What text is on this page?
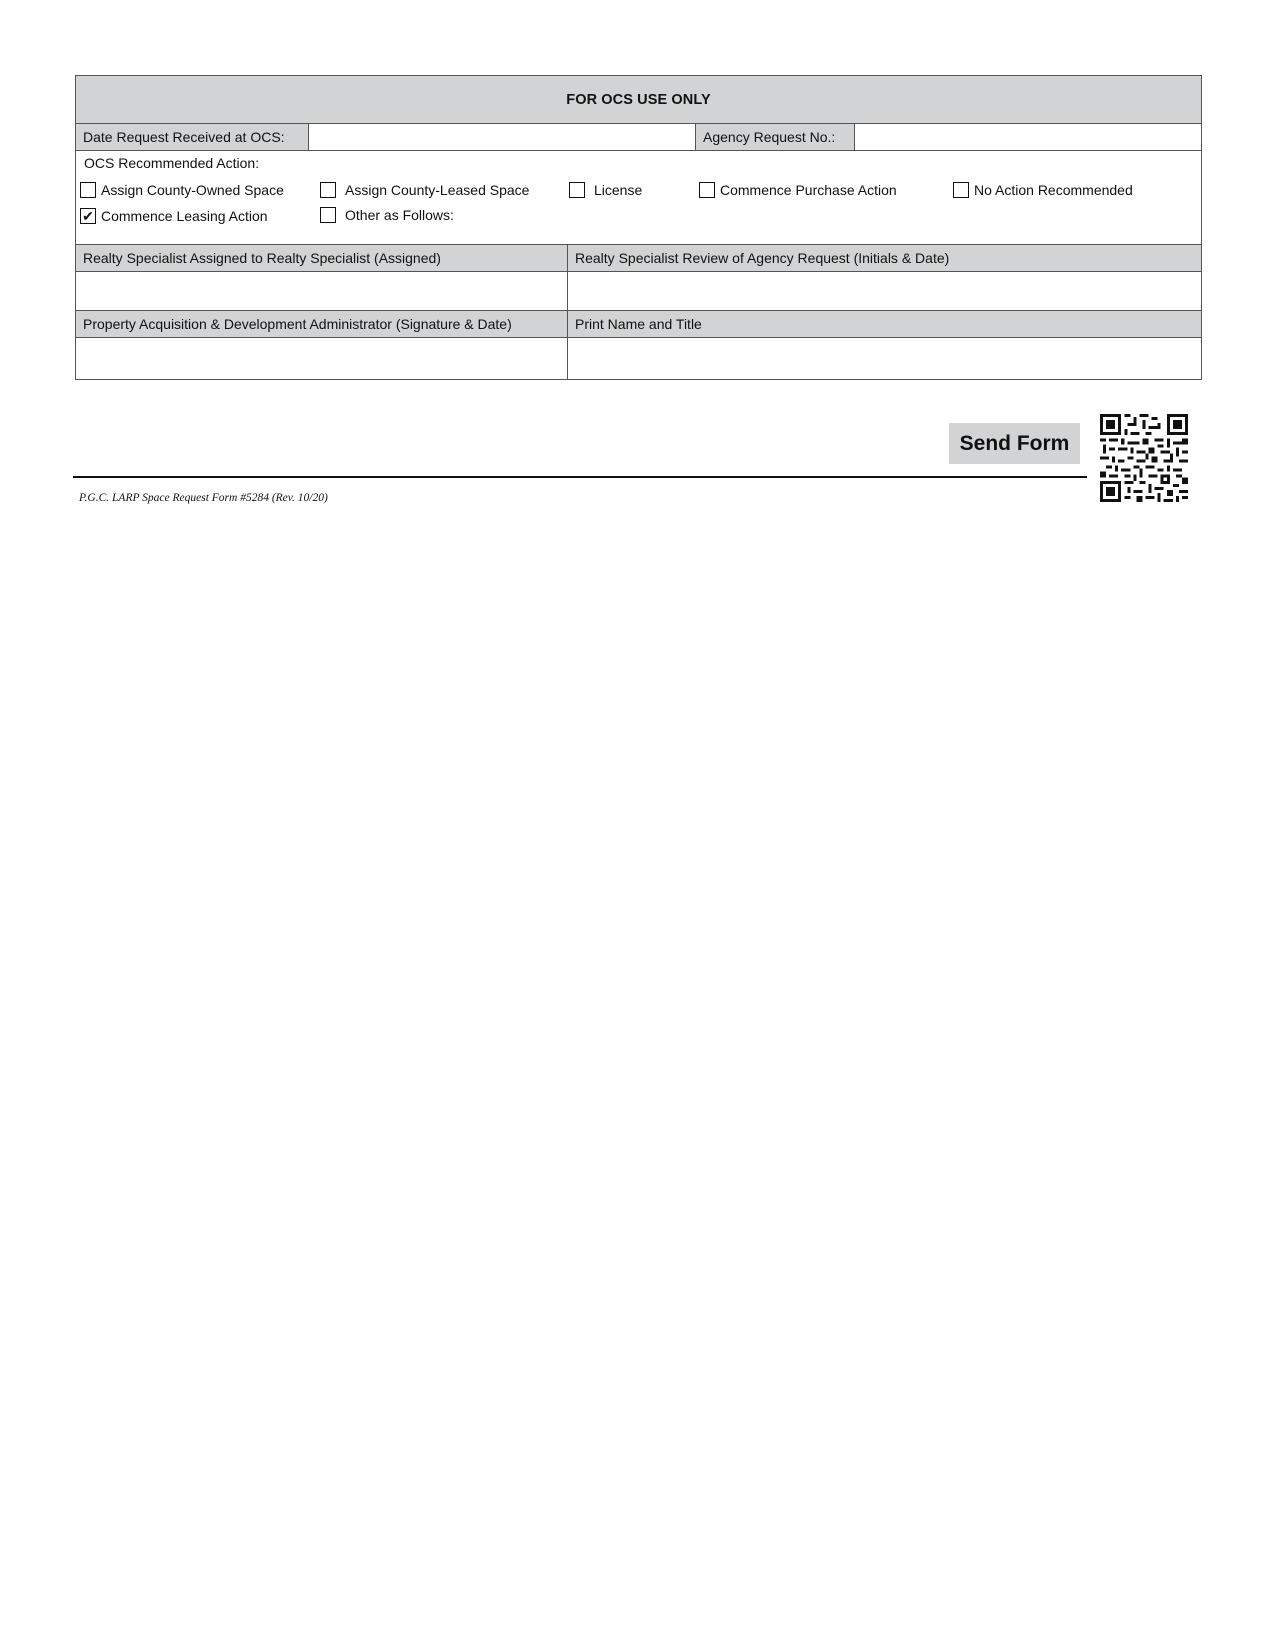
FOR OCS USE ONLY
Date Request Received at OCS:	Agency Request No.:
OCS Recommended Action:
Assign County-Owned Space	Assign County-Leased Space	License	Commence Purchase Action	No Action Recommended
✔ Commence Leasing Action	Other as Follows:
Realty Specialist Assigned to Realty Specialist (Assigned)	Realty Specialist Review of Agency Request (Initials & Date)
Property Acquisition & Development Administrator (Signature & Date)	Print Name and Title
Send Form
P.G.C. LARP Space Request Form #5284 (Rev. 10/20)
